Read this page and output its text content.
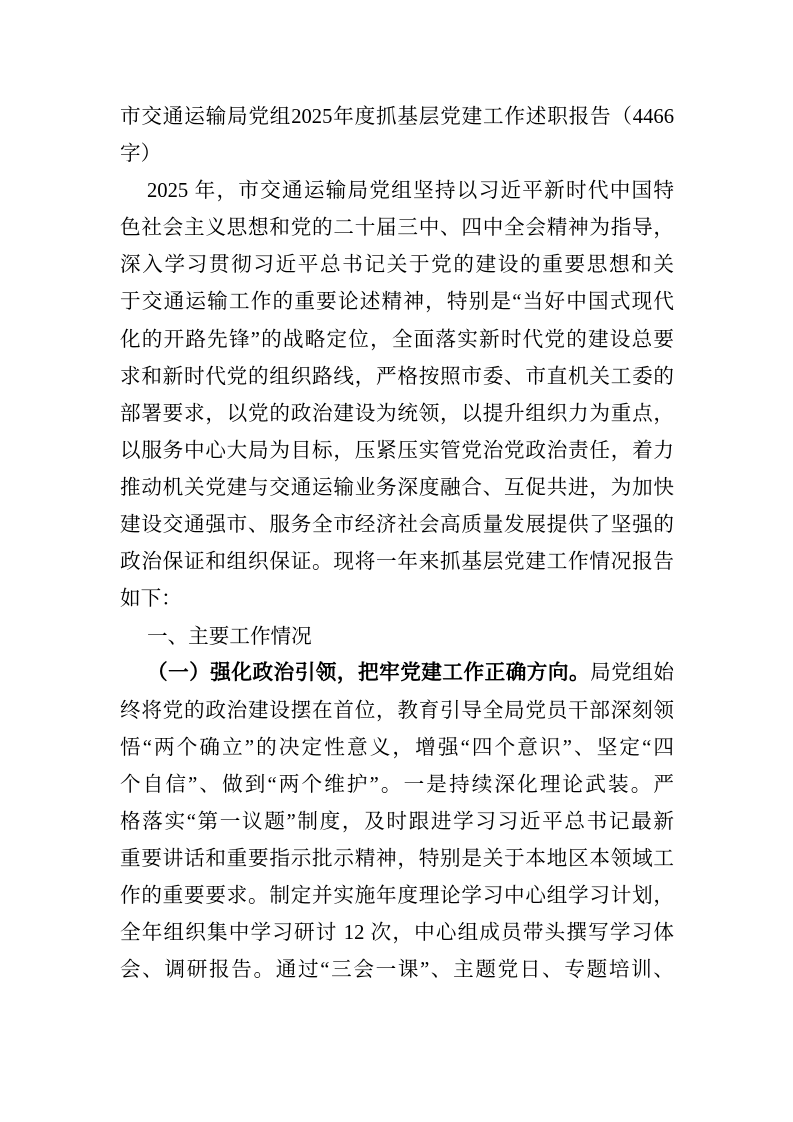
市交通运输局党组2025年度抓基层党建工作述职报告（4466
字）
2025 年，市交通运输局党组坚持以习近平新时代中国特
色社会主义思想和党的二十届三中、四中全会精神为指导，
深入学习贯彻习近平总书记关于党的建设的重要思想和关
于交通运输工作的重要论述精神，特别是“当好中国式现代
化的开路先锋”的战略定位，全面落实新时代党的建设总要
求和新时代党的组织路线，严格按照市委、市直机关工委的
部署要求，以党的政治建设为统领，以提升组织力为重点，
以服务中心大局为目标，压紧压实管党治党政治责任，着力
推动机关党建与交通运输业务深度融合、互促共进，为加快
建设交通强市、服务全市经济社会高质量发展提供了坚强的
政治保证和组织保证。现将一年来抓基层党建工作情况报告
如下：
一、主要工作情况
（一）强化政治引领，把牢党建工作正确方向。局党组始
终将党的政治建设摆在首位，教育引导全局党员干部深刻领
悟“两个确立”的决定性意义，增强“四个意识”、坚定“四
个自信”、做到“两个维护”。一是持续深化理论武装。严
格落实“第一议题”制度，及时跟进学习习近平总书记最新
重要讲话和重要指示批示精神，特别是关于本地区本领域工
作的重要要求。制定并实施年度理论学习中心组学习计划，
全年组织集中学习研讨 12 次，中心组成员带头撰写学习体
会、调研报告。通过“三会一课”、主题党日、专题培训、
